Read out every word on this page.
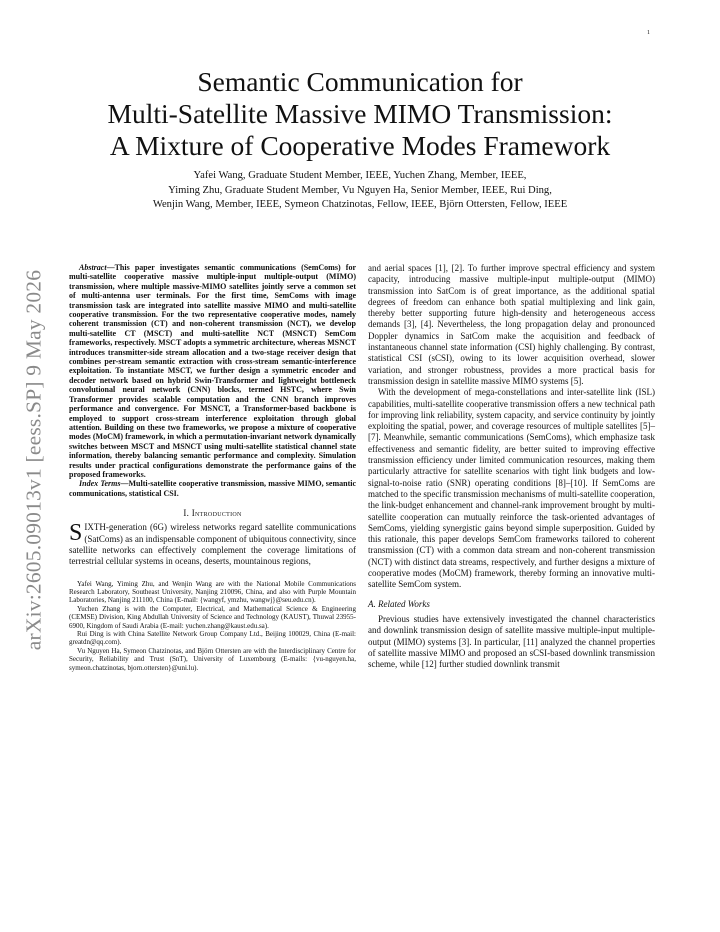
1
arXiv:2605.09013v1 [eess.SP] 9 May 2026
Semantic Communication for
Multi-Satellite Massive MIMO Transmission:
A Mixture of Cooperative Modes Framework
Yafei Wang, Graduate Student Member, IEEE, Yuchen Zhang, Member, IEEE,
Yiming Zhu, Graduate Student Member, Vu Nguyen Ha, Senior Member, IEEE, Rui Ding,
Wenjin Wang, Member, IEEE, Symeon Chatzinotas, Fellow, IEEE, Björn Ottersten, Fellow, IEEE

Abstract—This paper investigates semantic communications (SemComs) for multi-satellite cooperative massive multiple-input multiple-output (MIMO) transmission, where multiple massive-MIMO satellites jointly serve a common set of multi-antenna user terminals. For the first time, SemComs with image transmission task are integrated into satellite massive MIMO and multi-satellite cooperative transmission. For the two representative cooperative modes, namely coherent transmission (CT) and non-coherent transmission (NCT), we develop multi-satellite CT (MSCT) and multi-satellite NCT (MSNCT) SemCom frameworks, respectively. MSCT adopts a symmetric architecture, whereas MSNCT introduces transmitter-side stream allocation and a two-stage receiver design that combines per-stream semantic extraction with cross-stream semantic-interference exploitation. To instantiate MSCT, we further design a symmetric encoder and decoder network based on hybrid Swin-Transformer and lightweight bottleneck convolutional neural network (CNN) blocks, termed HSTC, where Swin Transformer provides scalable computation and the CNN branch improves performance and convergence. For MSNCT, a Transformer-based backbone is employed to support cross-stream interference exploitation through global attention. Building on these two frameworks, we propose a mixture of cooperative modes (MoCM) framework, in which a permutation-invariant network dynamically switches between MSCT and MSNCT using multi-satellite statistical channel state information, thereby balancing semantic performance and complexity. Simulation results under practical configurations demonstrate the performance gains of the proposed frameworks.

Index Terms—Multi-satellite cooperative transmission, massive MIMO, semantic communications, statistical CSI.

I. Introduction

SIXTH-generation (6G) wireless networks regard satellite communications (SatComs) as an indispensable component of ubiquitous connectivity, since satellite networks can effectively complement the coverage limitations of terrestrial cellular systems in oceans, deserts, mountainous regions,

Yafei Wang, Yiming Zhu, and Wenjin Wang are with the National Mobile Communications Research Laboratory, Southeast University, Nanjing 210096, China, and also with Purple Mountain Laboratories, Nanjing 211100, China (E-mail: {wangyf, ymzhu, wangwj}@seu.edu.cn).

Yuchen Zhang is with the Computer, Electrical, and Mathematical Science & Engineering (CEMSE) Division, King Abdullah University of Science and Technology (KAUST), Thuwal 23955-6900, Kingdom of Saudi Arabia (E-mail: yuchen.zhang@kaust.edu.sa).

Rui Ding is with China Satellite Network Group Company Ltd., Beijing 100029, China (E-mail: greatdn@qq.com).

Vu Nguyen Ha, Symeon Chatzinotas, and Björn Ottersten are with the Interdisciplinary Centre for Security, Reliability and Trust (SnT), University of Luxembourg (E-mails: {vu-nguyen.ha, symeon.chatzinotas, bjorn.ottersten}@uni.lu).

and aerial spaces [1], [2]. To further improve spectral efficiency and system capacity, introducing massive multiple-input multiple-output (MIMO) transmission into SatCom is of great importance, as the additional spatial degrees of freedom can enhance both spatial multiplexing and link gain, thereby better supporting future high-density and heterogeneous access demands [3], [4]. Nevertheless, the long propagation delay and pronounced Doppler dynamics in SatCom make the acquisition and feedback of instantaneous channel state information (CSI) highly challenging. By contrast, statistical CSI (sCSI), owing to its lower acquisition overhead, slower variation, and stronger robustness, provides a more practical basis for transmission design in satellite massive MIMO systems [5].

With the development of mega-constellations and inter-satellite link (ISL) capabilities, multi-satellite cooperative transmission offers a new technical path for improving link reliability, system capacity, and service continuity by jointly exploiting the spatial, power, and coverage resources of multiple satellites [5]–[7]. Meanwhile, semantic communications (SemComs), which emphasize task effectiveness and semantic fidelity, are better suited to improving effective transmission efficiency under limited communication resources, making them particularly attractive for satellite scenarios with tight link budgets and low-signal-to-noise ratio (SNR) operating conditions [8]–[10]. If SemComs are matched to the specific transmission mechanisms of multi-satellite cooperation, the link-budget enhancement and channel-rank improvement brought by multi-satellite cooperation can mutually reinforce the task-oriented advantages of SemComs, yielding synergistic gains beyond simple superposition. Guided by this rationale, this paper develops SemCom frameworks tailored to coherent transmission (CT) with a common data stream and non-coherent transmission (NCT) with distinct data streams, respectively, and further designs a mixture of cooperative modes (MoCM) framework, thereby forming an innovative multi-satellite SemCom system.

A. Related Works

Previous studies have extensively investigated the channel characteristics and downlink transmission design of satellite massive multiple-input multiple-output (MIMO) systems [3]. In particular, [11] analyzed the channel properties of satellite massive MIMO and proposed an sCSI-based downlink transmission scheme, while [12] further studied downlink transmit
